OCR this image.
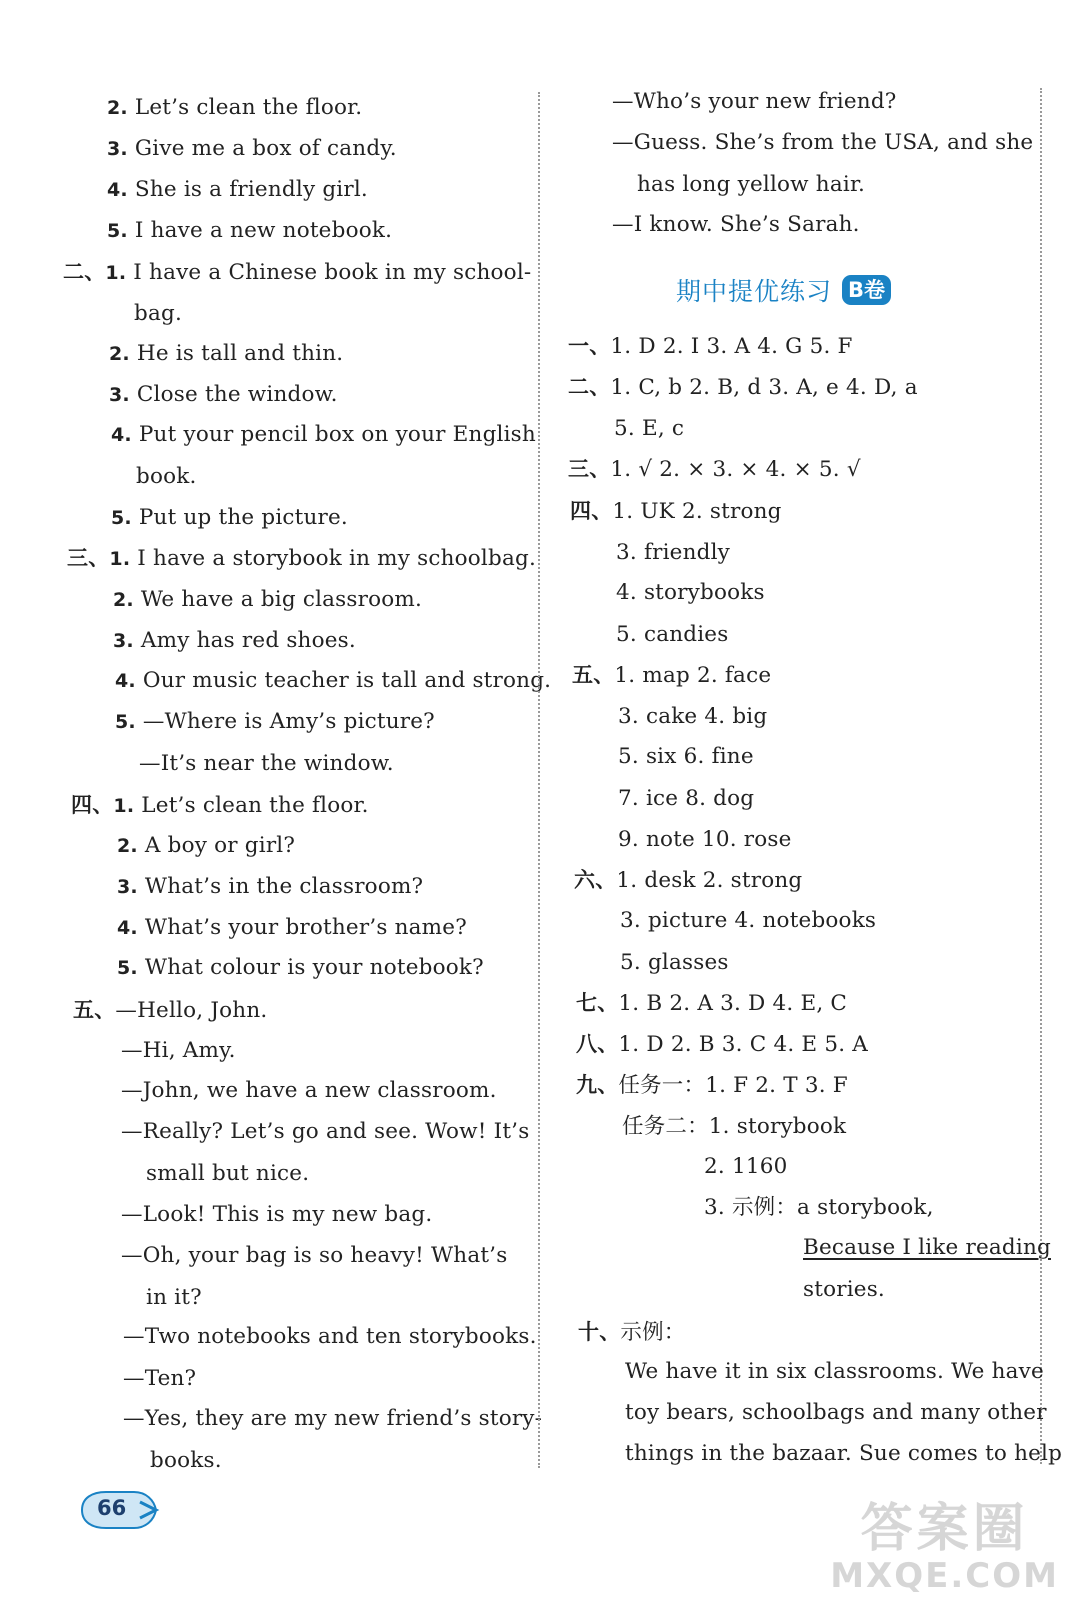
2. Let’s clean the floor.
3. Give me a box of candy.
4. She is a friendly girl.
5. I have a new notebook.
二、1. I have a Chinese book in my school-
bag.
2. He is tall and thin.
3. Close the window.
4. Put your pencil box on your English
book.
5. Put up the picture.
三、1. I have a storybook in my schoolbag.
2. We have a big classroom.
3. Amy has red shoes.
4. Our music teacher is tall and strong.
5. —Where is Amy’s picture?
—It’s near the window.
四、1. Let’s clean the floor.
2. A boy or girl?
3. What’s in the classroom?
4. What’s your brother’s name?
5. What colour is your notebook?
五、—Hello, John.
—Hi, Amy.
—John, we have a new classroom.
—Really? Let’s go and see. Wow! It’s
small but nice.
—Look! This is my new bag.
—Oh, your bag is so heavy! What’s
in it?
—Two notebooks and ten storybooks.
—Ten?
—Yes, they are my new friend’s story-
books.
—Who’s your new friend?
—Guess. She’s from the USA, and she
has long yellow hair.
—I know. She’s Sarah.
期中提优练习 B卷
一、1. D 2. I 3. A 4. G 5. F
二、1. C, b 2. B, d 3. A, e 4. D, a
5. E, c
三、1. √ 2. × 3. × 4. × 5. √
四、1. UK 2. strong
3. friendly
4. storybooks
5. candies
五、1. map 2. face
3. cake 4. big
5. six 6. fine
7. ice 8. dog
9. note 10. rose
六、1. desk 2. strong
3. picture 4. notebooks
5. glasses
七、1. B 2. A 3. D 4. E, C
八、1. D 2. B 3. C 4. E 5. A
九、任务一：1. F 2. T 3. F
任务二：1. storybook
2. 1160
3. 示例：a storybook,
Because I like reading
stories.
十、示例：
We have it in six classrooms. We have
toy bears, schoolbags and many other
things in the bazaar. Sue comes to help
66	答案圈
MXQE.COM
